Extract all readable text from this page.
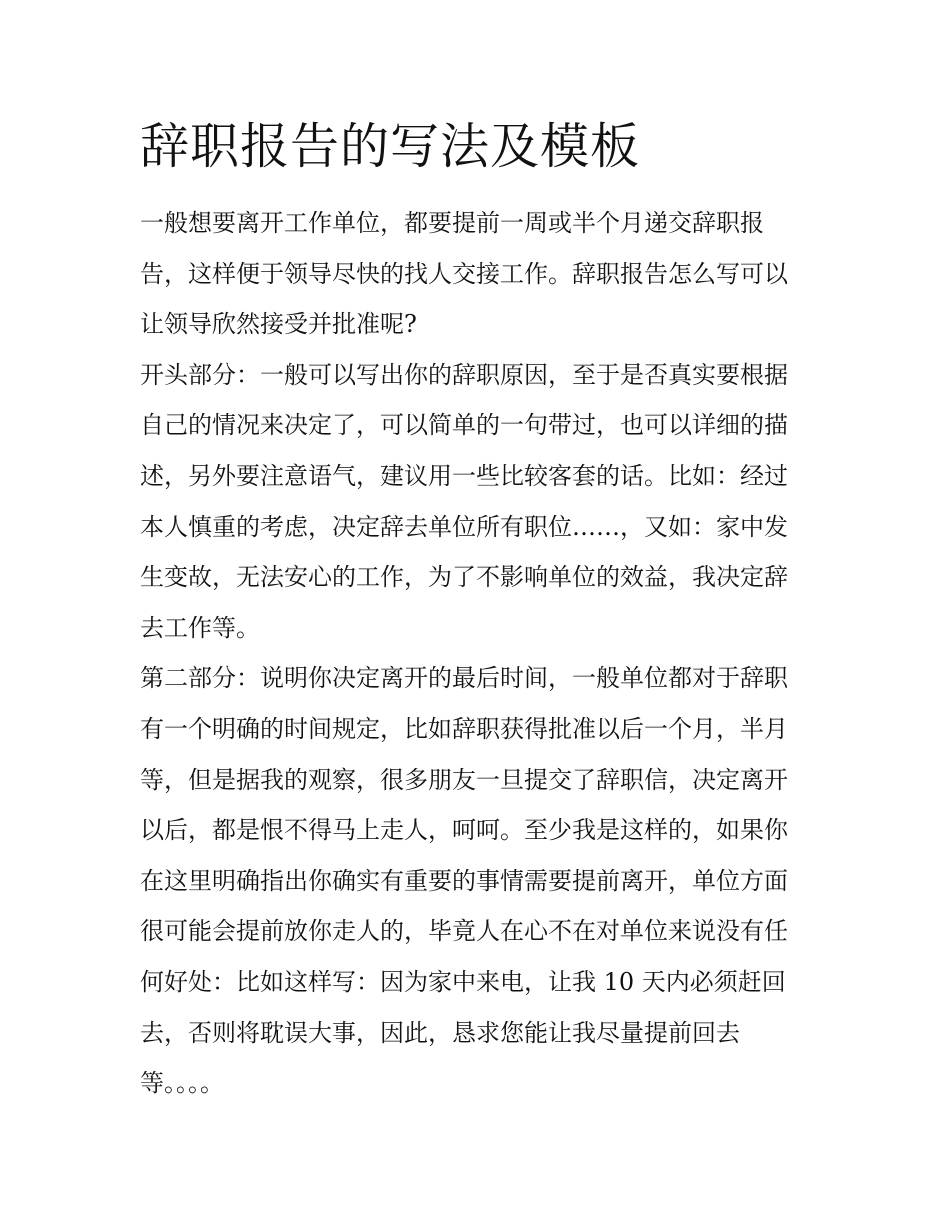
辞职报告的写法及模板

一般想要离开工作单位，都要提前一周或半个月递交辞职报
告，这样便于领导尽快的找人交接工作。辞职报告怎么写可以
让领导欣然接受并批准呢?

开头部分：一般可以写出你的辞职原因，至于是否真实要根据
自己的情况来决定了，可以简单的一句带过，也可以详细的描
述，另外要注意语气，建议用一些比较客套的话。比如：经过
本人慎重的考虑，决定辞去单位所有职位……，又如：家中发
生变故，无法安心的工作，为了不影响单位的效益，我决定辞
去工作等。

第二部分：说明你决定离开的最后时间，一般单位都对于辞职
有一个明确的时间规定，比如辞职获得批准以后一个月，半月
等，但是据我的观察，很多朋友一旦提交了辞职信，决定离开
以后，都是恨不得马上走人，呵呵。至少我是这样的，如果你
在这里明确指出你确实有重要的事情需要提前离开，单位方面
很可能会提前放你走人的，毕竟人在心不在对单位来说没有任
何好处：比如这样写：因为家中来电，让我 10 天内必须赶回
去，否则将耽误大事，因此，恳求您能让我尽量提前回去
等。。。。
